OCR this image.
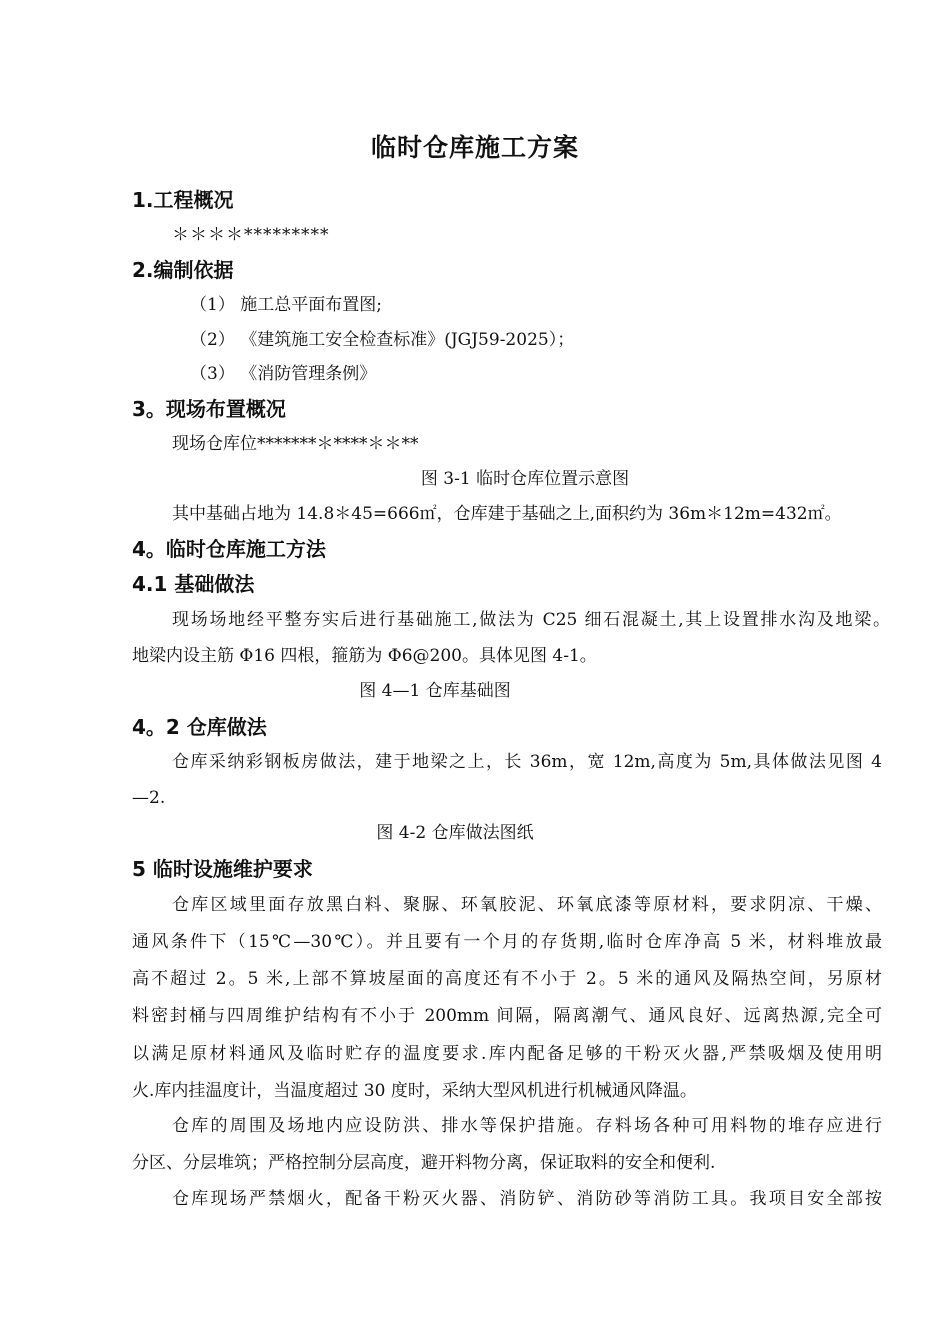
临时仓库施工方案
1.工程概况
＊＊＊＊*********
2.编制依据
（1） 施工总平面布置图;
（2） 《建筑施工安全检查标准》(JGJ59-2025）；
（3） 《消防管理条例》
3。现场布置概况
现场仓库位*******＊****＊＊**
图 3-1 临时仓库位置示意图
其中基础占地为 14.8＊45=666㎡，仓库建于基础之上,面积约为 36m＊12m=432㎡。
4。临时仓库施工方法
4.1 基础做法
现场场地经平整夯实后进行基础施工,做法为 C25 细石混凝土,其上设置排水沟及地梁。
地梁内设主筋 Φ16 四根，箍筋为 Φ6@200。具体见图 4-1。
图 4—1 仓库基础图
4。2 仓库做法
仓库采纳彩钢板房做法，建于地梁之上，长 36m，宽 12m,高度为 5m,具体做法见图 4
—2.
图 4-2 仓库做法图纸
5 临时设施维护要求
仓库区域里面存放黑白料、聚脲、环氧胶泥、环氧底漆等原材料，要求阴凉、干燥、
通风条件下（15℃—30℃）。并且要有一个月的存货期,临时仓库净高 5 米，材料堆放最
高不超过 2。5 米,上部不算坡屋面的高度还有不小于 2。5 米的通风及隔热空间，另原材
料密封桶与四周维护结构有不小于 200mm 间隔，隔离潮气、通风良好、远离热源,完全可
以满足原材料通风及临时贮存的温度要求.库内配备足够的干粉灭火器,严禁吸烟及使用明
火.库内挂温度计，当温度超过 30 度时，采纳大型风机进行机械通风降温。
仓库的周围及场地内应设防洪、排水等保护措施。存料场各种可用料物的堆存应进行
分区、分层堆筑；严格控制分层高度，避开料物分离，保证取料的安全和便利.
仓库现场严禁烟火，配备干粉灭火器、消防铲、消防砂等消防工具。我项目安全部按
